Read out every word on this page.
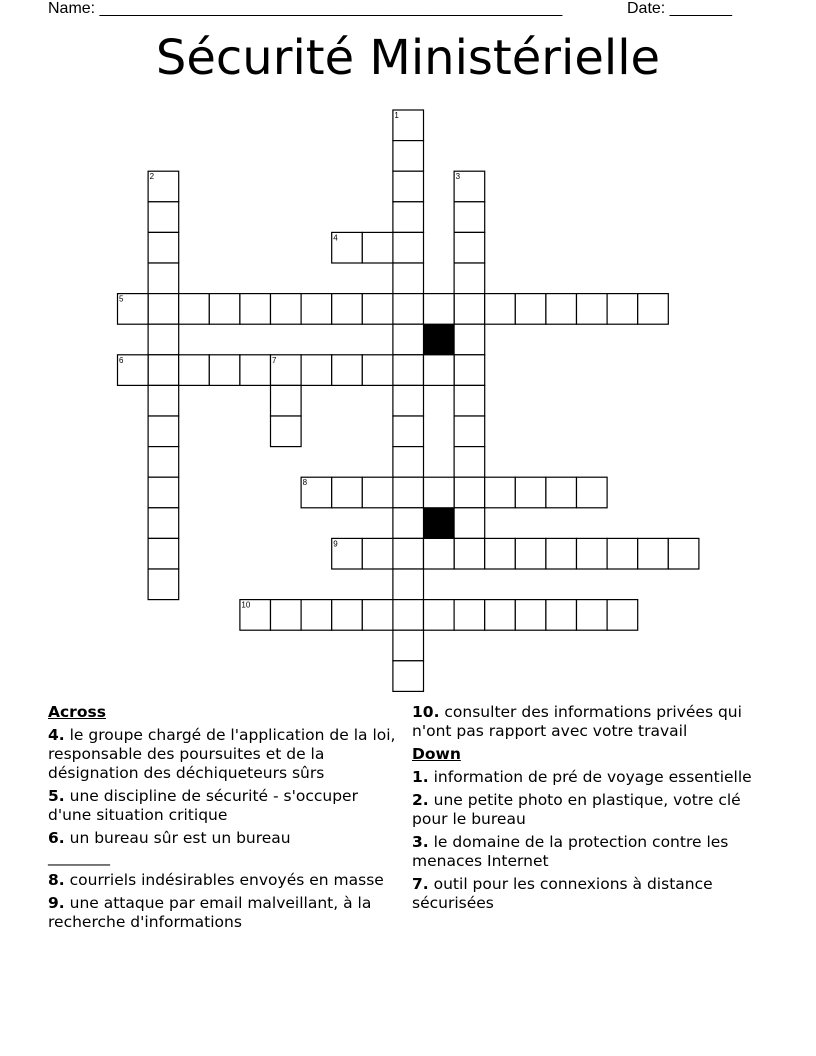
Name: ____________________________________________________	Date: _______
Sécurité Ministérielle
1
2	3
4
5
6	7
8
9
10
Across
4. le groupe chargé de l'application de la loi, responsable des poursuites et de la désignation des déchiqueteurs sûrs
5. une discipline de sécurité - s'occuper d'une situation critique
6. un bureau sûr est un bureau
________
8. courriels indésirables envoyés en masse
9. une attaque par email malveillant, à la recherche d'informations
10. consulter des informations privées qui n'ont pas rapport avec votre travail
Down
1. information de pré de voyage essentielle
2. une petite photo en plastique, votre clé pour le bureau
3. le domaine de la protection contre les menaces Internet
7. outil pour les connexions à distance sécurisées
